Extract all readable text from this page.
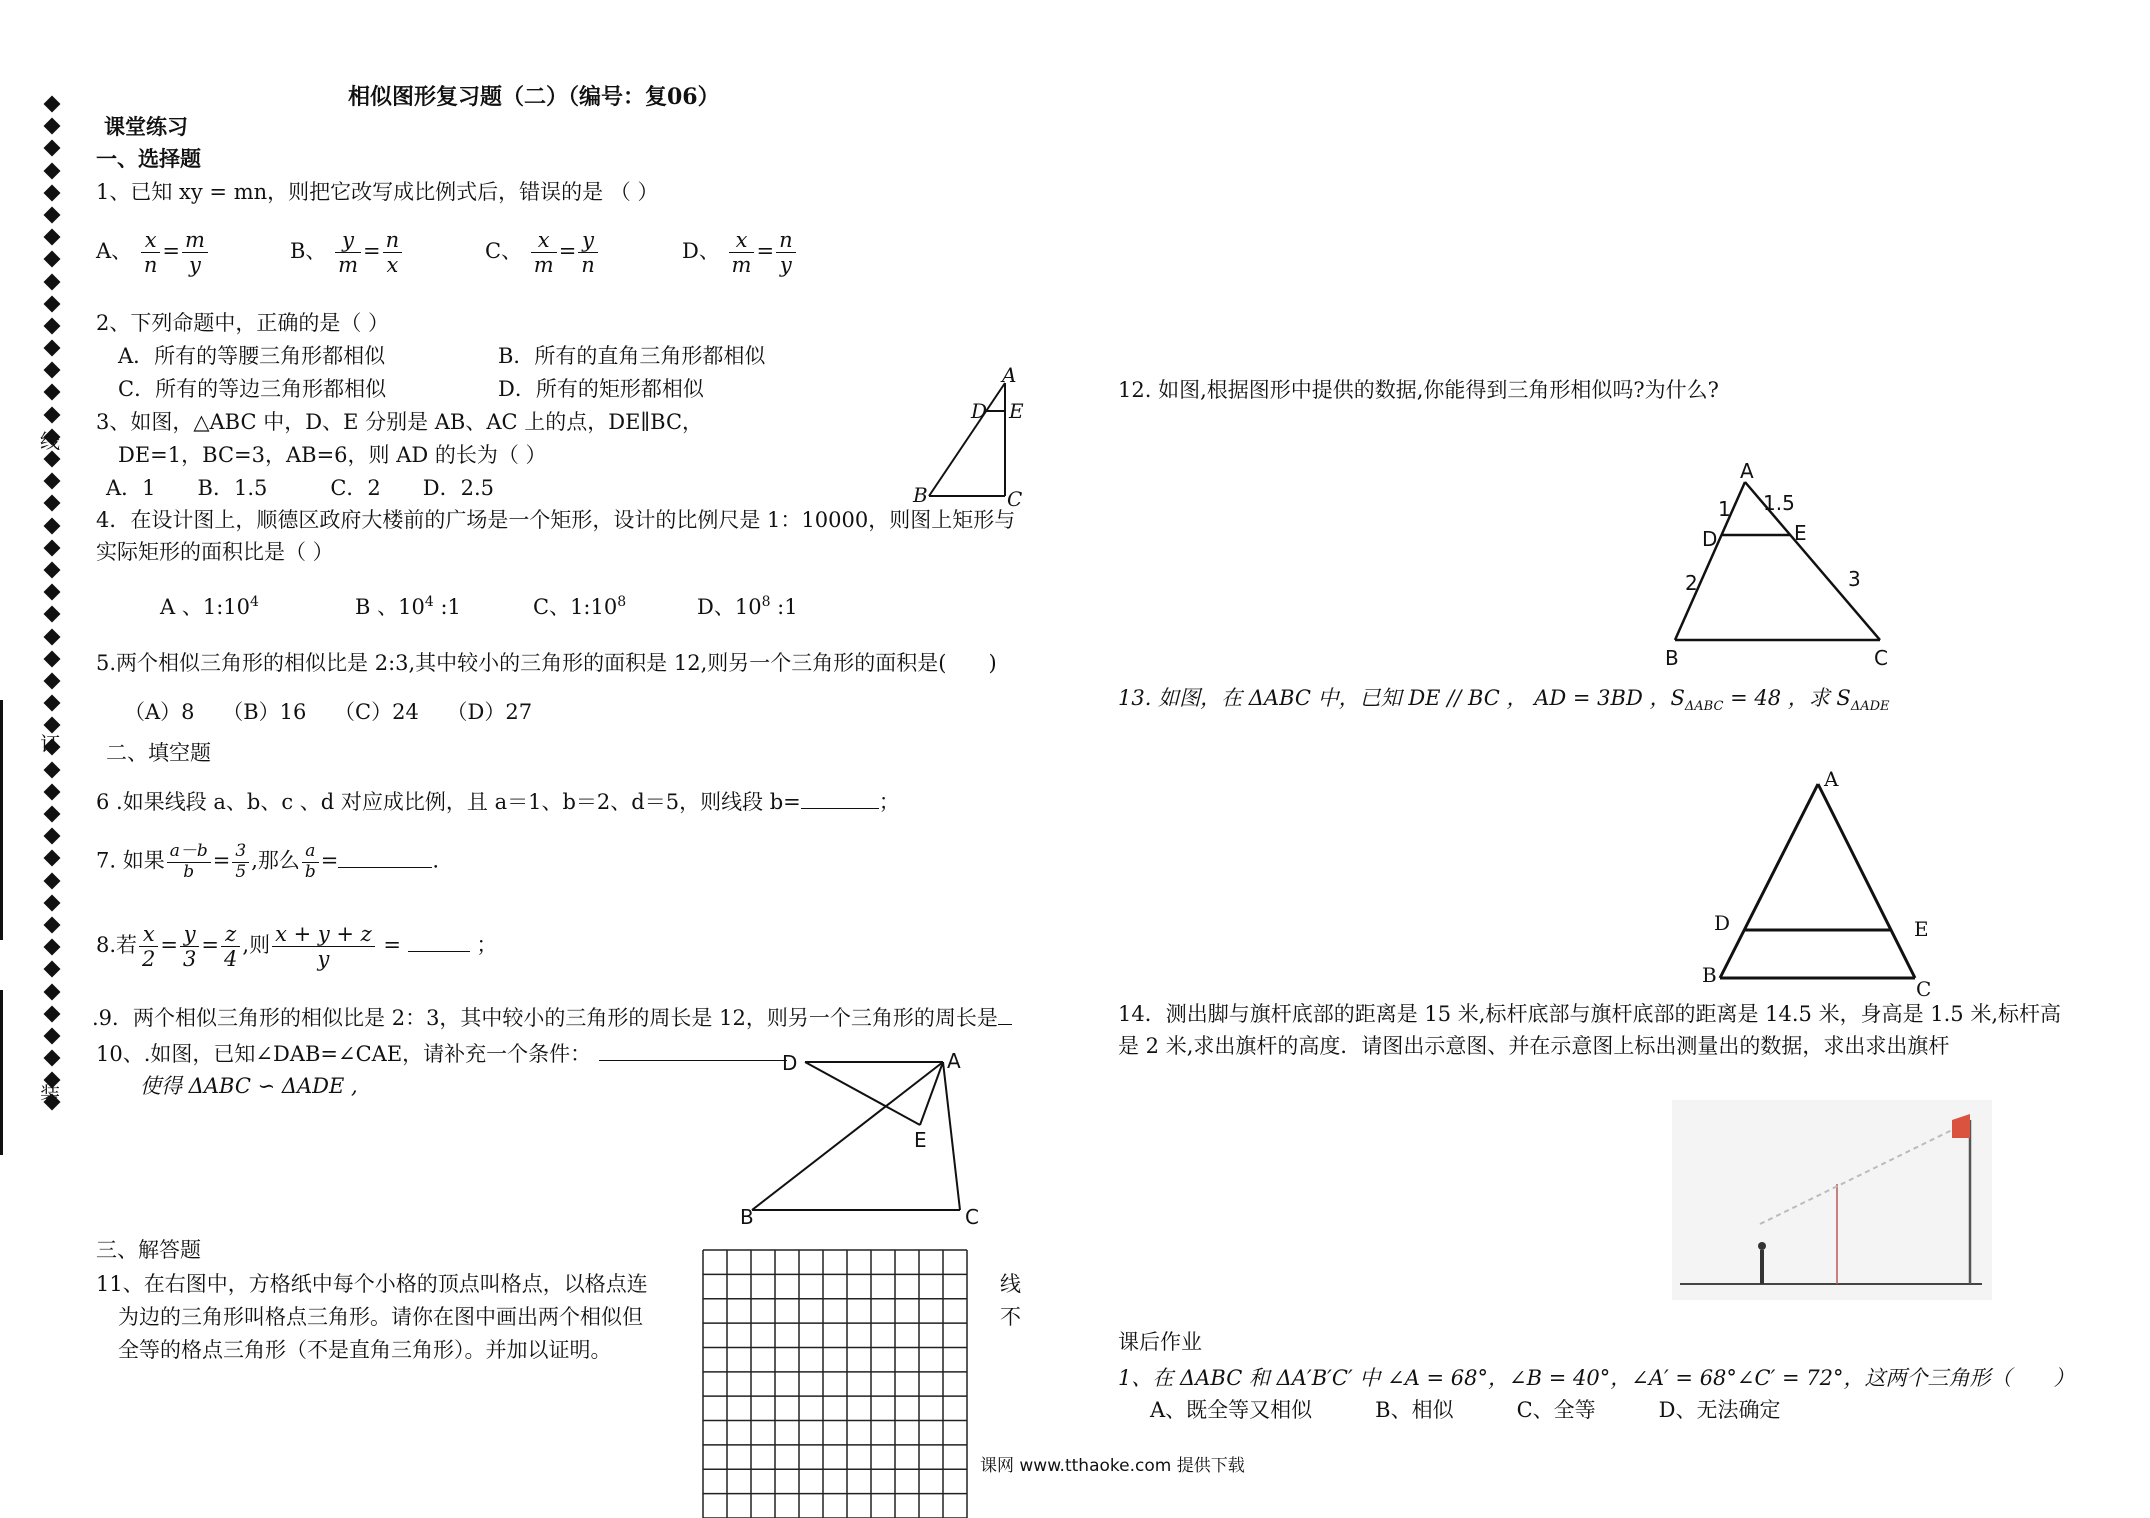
线
订
装
相似图形复习题（二）（编号：复06）
课堂练习
一、选择题
1、已知 xy = mn，则把它改写成比例式后，错误的是 （ ）
A、 $\frac{x}{n} = \frac{m}{y}$	B、 $\frac{y}{m} = \frac{n}{x}$	C、 $\frac{x}{m} = \frac{y}{n}$	D、 $\frac{x}{m} = \frac{n}{y}$
2、下列命题中，正确的是（ ）
A．所有的等腰三角形都相似	B．所有的直角三角形都相似
C．所有的等边三角形都相似	D．所有的矩形都相似
3、如图，△ABC 中，D、E 分别是 AB、AC 上的点，DE∥BC，
DE=1，BC=3，AB=6，则 AD 的长为（ ）
A．1　　B．1.5　　　C．2　　D．2.5
A
D E
B	C
4．在设计图上，顺德区政府大楼前的广场是一个矩形，设计的比例尺是 1：10000，则图上矩形与
实际矩形的面积比是（ ）
A 、$1:10^4$	B 、$10^4$ :1	C、$1:10^8$	D、$10^8$ :1
5.两个相似三角形的相似比是 2:3,其中较小的三角形的面积是 12,则另一个三角形的面积是(　　)
（A）8　 （B）16　 （C）24　 （D）27
二、填空题
6 .如果线段 a、b、c 、d 对应成比例，且 a＝1、b＝2、d＝5，则线段 b=	；
7. 如果 $\frac{a-b}{b} = \frac{3}{5}$ ,那么 $\frac{a}{b}$ =	.
8.若 $\frac{x}{2} = \frac{y}{3} = \frac{z}{4}$ ,则 $\frac{x + y + z}{y}$ =	；
.9．两个相似三角形的相似比是 2：3，其中较小的三角形的周长是 12，则另一个三角形的周长是
10、.如图，已知∠DAB=∠CAE，请补充一个条件：
使得 ΔABC ∽ ΔADE ,
D	A
E
B	C
三、解答题
11、在右图中，方格纸中每个小格的顶点叫格点，以格点连
为边的三角形叫格点三角形。请你在图中画出两个相似但
全等的格点三角形（不是直角三角形）。并加以证明。
线
不
课网 www.tthaoke.com 提供下载
12. 如图,根据图形中提供的数据,你能得到三角形相似吗?为什么?
A
D	E
B	C
1 1.5
2	3
13. 如图，在 ΔABC 中，已知 DE // BC ， AD = 3BD ，$S_{\Delta ABC} = 48$ ，求 $S_{\Delta ADE}$
A
D	E
B
C
14．测出脚与旗杆底部的距离是 15 米,标杆底部与旗杆底部的距离是 14.5 米，身高是 1.5 米,标杆高
是 2 米,求出旗杆的高度．请图出示意图、并在示意图上标出测量出的数据，求出求出旗杆
课后作业
1、在 ΔABC 和 ΔA′B′C′ 中 ∠A = 68°，∠B = 40°，∠A′ = 68°∠C′ = 72°，这两个三角形（　　）
A、既全等又相似　　　B、相似　　　C、全等　　　D、无法确定
